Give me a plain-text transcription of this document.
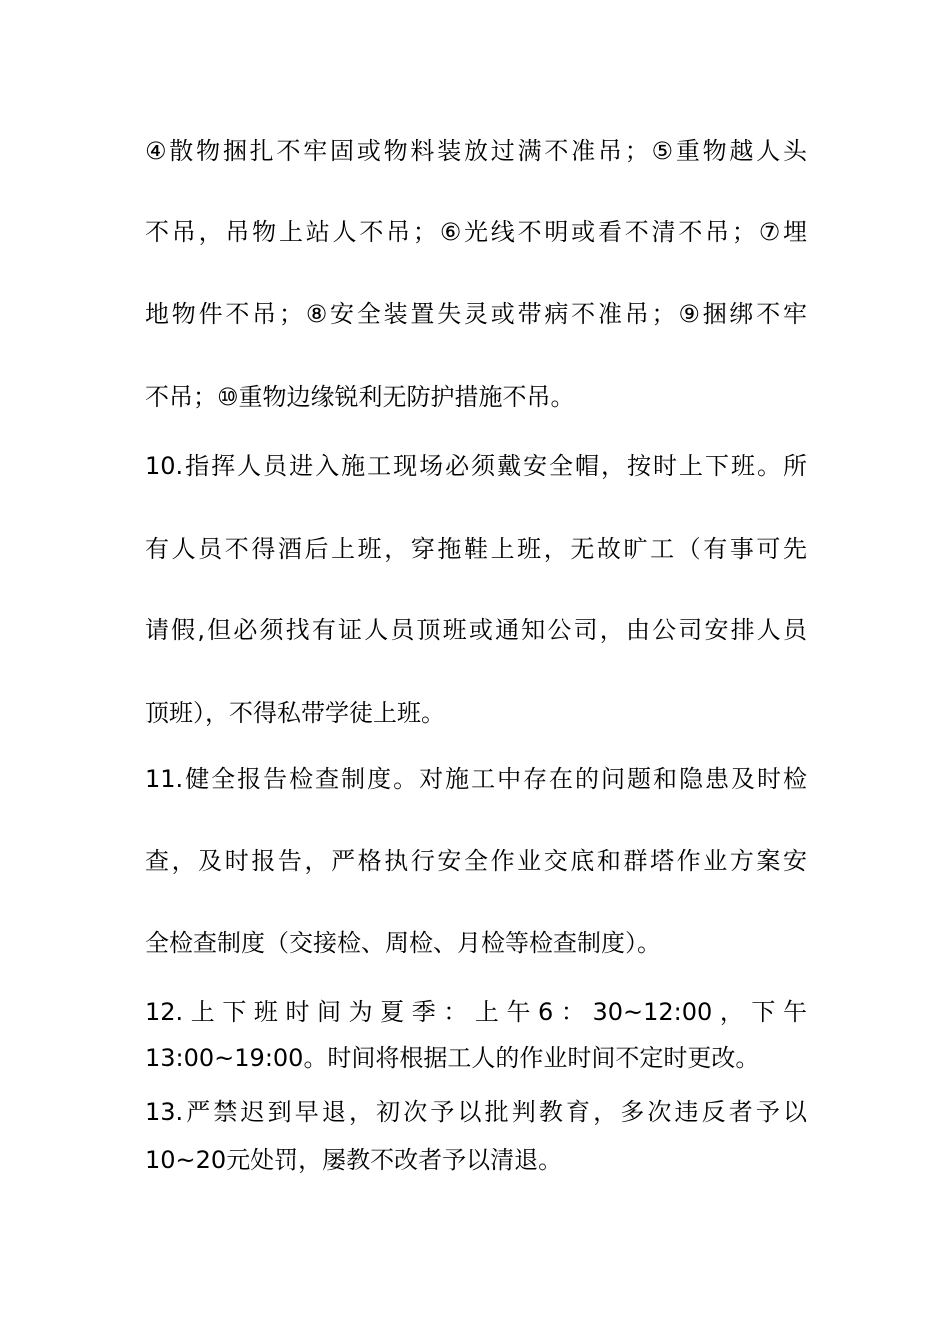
④散物捆扎不牢固或物料装放过满不准吊；⑤重物越人头
不吊，吊物上站人不吊；⑥光线不明或看不清不吊；⑦埋
地物件不吊；⑧安全装置失灵或带病不准吊；⑨捆绑不牢
不吊；⑩重物边缘锐利无防护措施不吊。
10.指挥人员进入施工现场必须戴安全帽，按时上下班。所
有人员不得酒后上班，穿拖鞋上班，无故旷工（有事可先
请假,但必须找有证人员顶班或通知公司，由公司安排人员
顶班），不得私带学徒上班。
11.健全报告检查制度。对施工中存在的问题和隐患及时检
查，及时报告，严格执行安全作业交底和群塔作业方案安
全检查制度（交接检、周检、月检等检查制度）。
12.上下班时间为夏季：上午6：30~12:00，下午
13:00~19:00。时间将根据工人的作业时间不定时更改。
13.严禁迟到早退，初次予以批判教育，多次违反者予以
10~20元处罚，屡教不改者予以清退。
